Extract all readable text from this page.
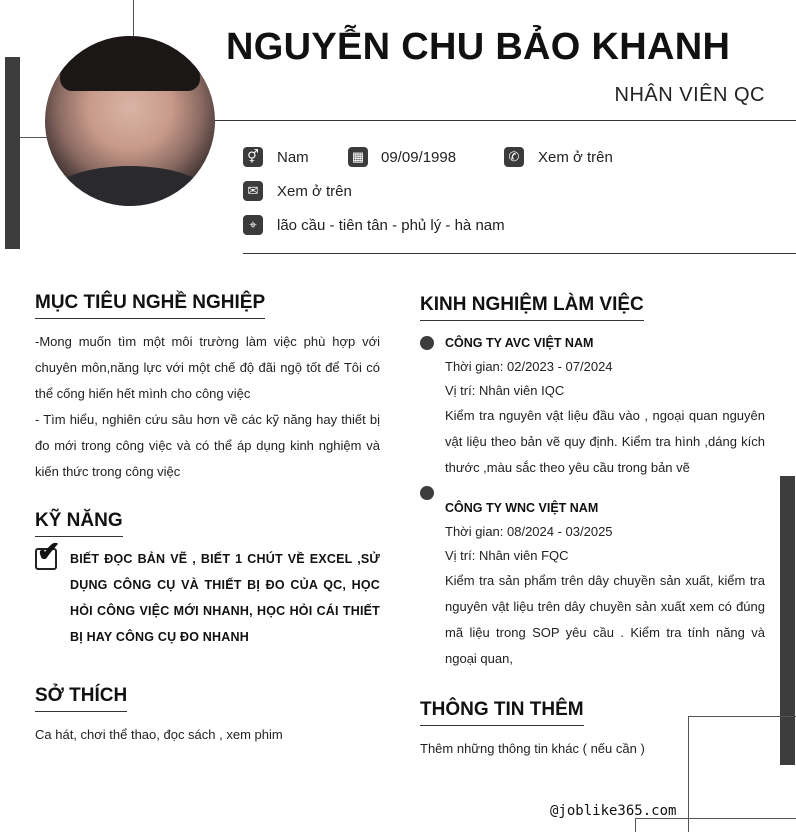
NGUYỄN CHU BẢO KHANH
NHÂN VIÊN QC
⚥ Nam	▦ 09/09/1998	✆	Xem ở trên
✉	Xem ở trên
⌖	lão cầu - tiên tân - phủ lý - hà nam
MỤC TIÊU NGHỀ NGHIỆP
-Mong muốn tìm một môi trường làm việc phù hợp với chuyên môn,năng lực với một chế độ đãi ngộ tốt để Tôi có thể cống hiến hết mình cho công việc
- Tìm hiểu, nghiên cứu sâu hơn về các kỹ năng hay thiết bị đo mới trong công việc và có thể áp dụng kinh nghiệm và kiến thức trong công việc
KỸ NĂNG
✔ BIẾT ĐỌC BẢN VẼ , BIẾT 1 CHÚT VỀ EXCEL ,SỬ DỤNG CÔNG CỤ VÀ THIẾT BỊ ĐO CỦA QC, HỌC HỎI CÔNG VIỆC MỚI NHANH, HỌC HỎI CÁI THIẾT BỊ HAY CÔNG CỤ ĐO NHANH
SỞ THÍCH
Ca hát, chơi thể thao, đọc sách , xem phim
KINH NGHIỆM LÀM VIỆC
CÔNG TY AVC VIỆT NAM
Thời gian: 02/2023 - 07/2024
Vị trí: Nhân viên IQC
Kiểm tra nguyên vật liệu đầu vào , ngoại quan nguyên vật liệu theo bản vẽ quy định. Kiểm tra hình ,dáng kích thước ,màu sắc theo yêu cầu trong bản vẽ
CÔNG TY WNC VIỆT NAM
Thời gian: 08/2024 - 03/2025
Vị trí: Nhân viên FQC
Kiểm tra sản phẩm trên dây chuyền sản xuất, kiểm tra nguyên vật liệu trên dây chuyền sản xuất xem có đúng mã liệu trong SOP yêu cầu . Kiểm tra tính năng và ngoại quan,
THÔNG TIN THÊM
Thêm những thông tin khác ( nếu cần )
@joblike365.com
